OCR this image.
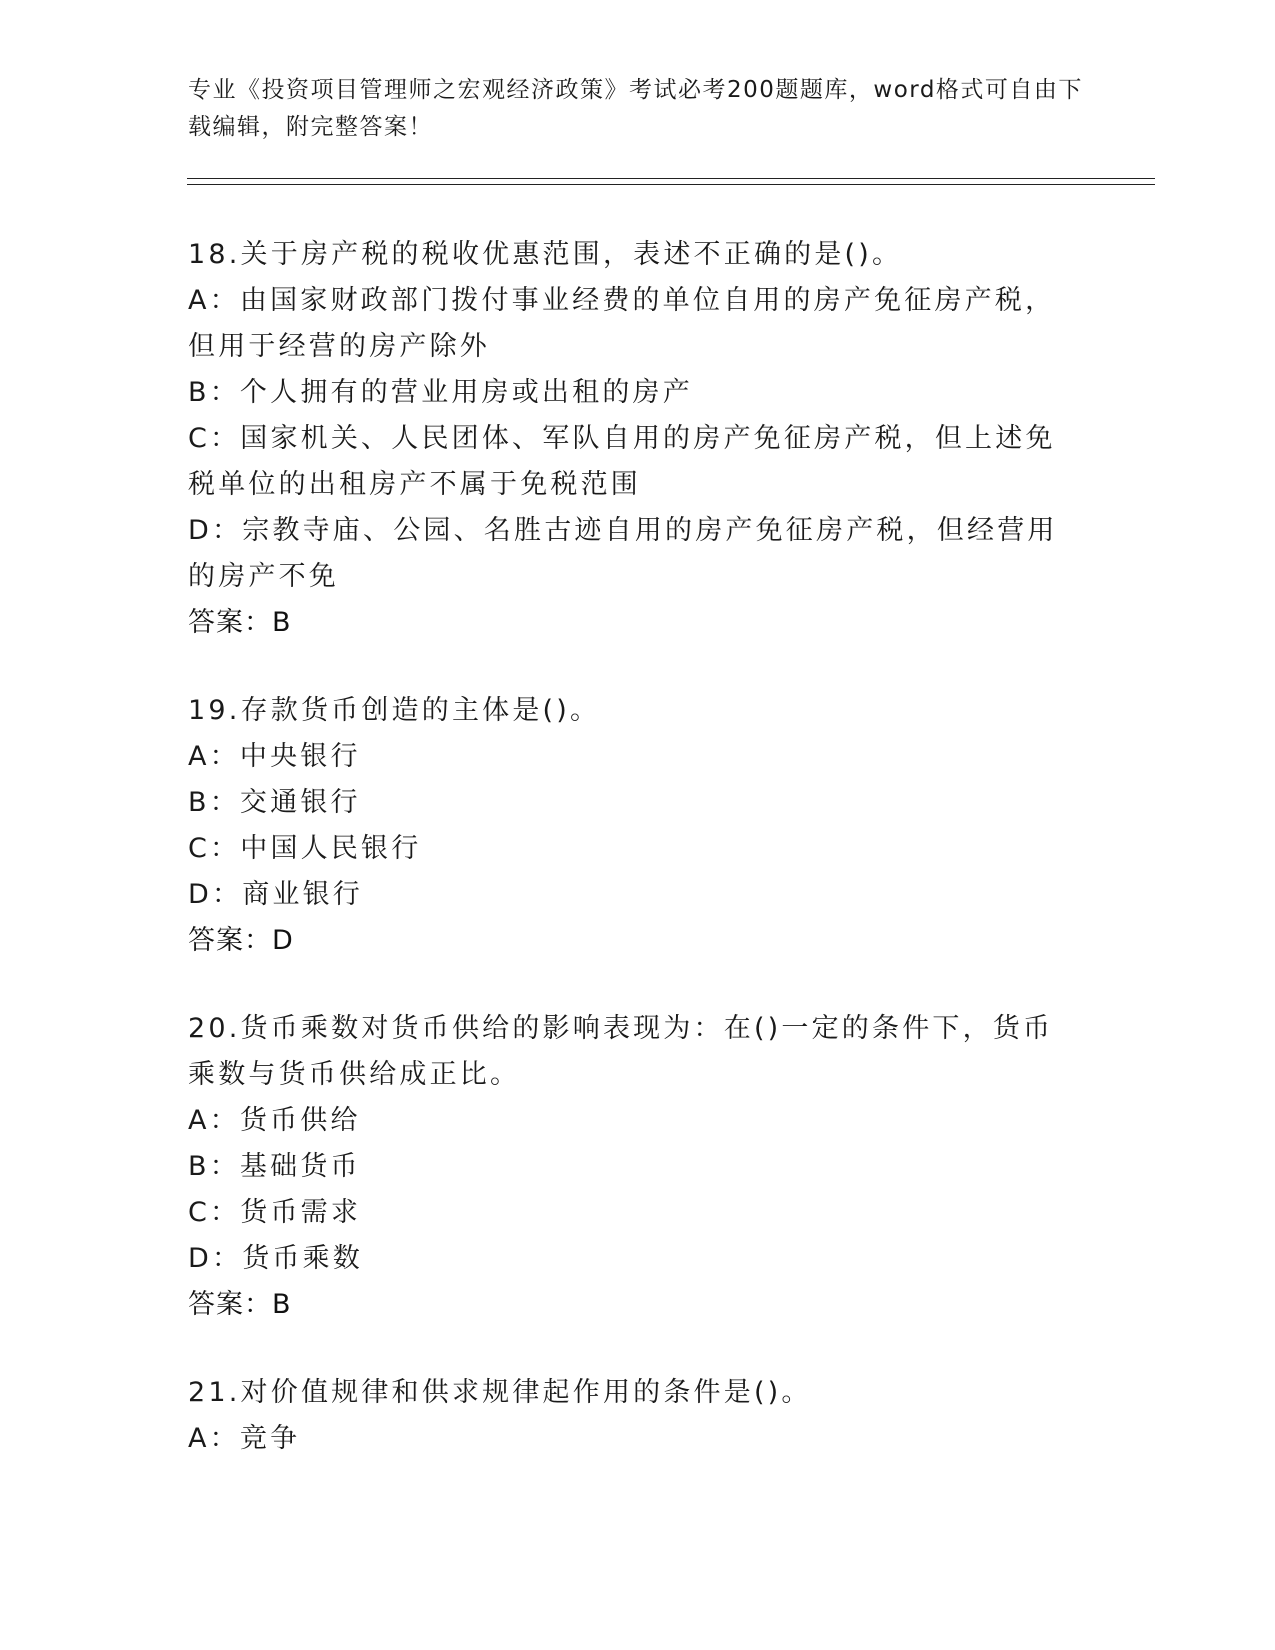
专业《投资项目管理师之宏观经济政策》考试必考200题题库，word格式可自由下载编辑，附完整答案！
18.关于房产税的税收优惠范围，表述不正确的是()。
A：由国家财政部门拨付事业经费的单位自用的房产免征房产税，但用于经营的房产除外
B：个人拥有的营业用房或出租的房产
C：国家机关、人民团体、军队自用的房产免征房产税，但上述免税单位的出租房产不属于免税范围
D：宗教寺庙、公园、名胜古迹自用的房产免征房产税，但经营用的房产不免
答案：B
19.存款货币创造的主体是()。
A：中央银行
B：交通银行
C：中国人民银行
D：商业银行
答案：D
20.货币乘数对货币供给的影响表现为：在()一定的条件下，货币乘数与货币供给成正比。
A：货币供给
B：基础货币
C：货币需求
D：货币乘数
答案：B
21.对价值规律和供求规律起作用的条件是()。
A：竞争
